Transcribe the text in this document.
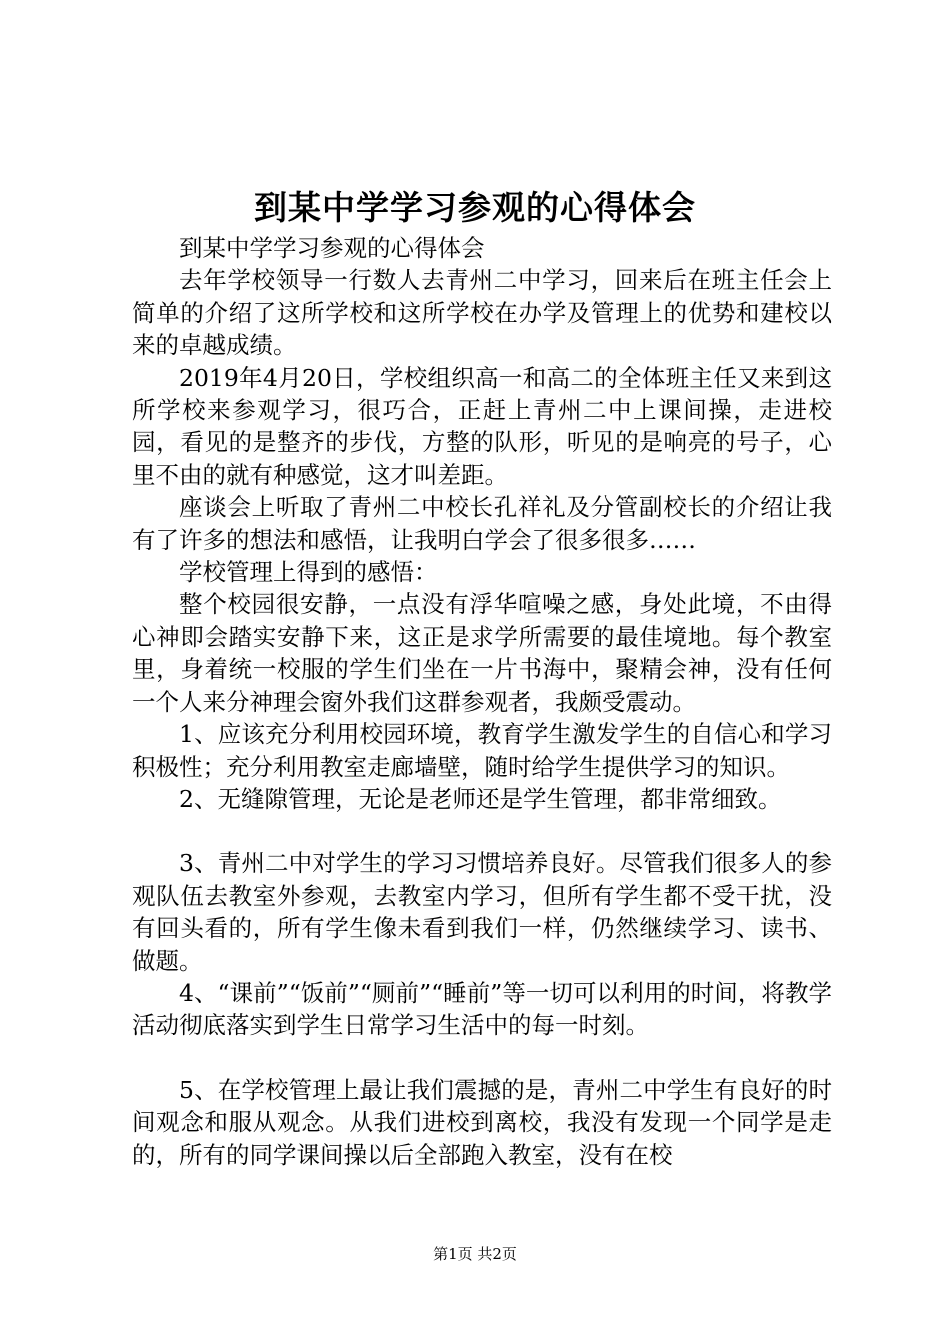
到某中学学习参观的心得体会

到某中学学习参观的心得体会

去年学校领导一行数人去青州二中学习，回来后在班主任会上简单的介绍了这所学校和这所学校在办学及管理上的优势和建校以来的卓越成绩。

2019年4月20日，学校组织高一和高二的全体班主任又来到这所学校来参观学习，很巧合，正赶上青州二中上课间操，走进校园，看见的是整齐的步伐，方整的队形，听见的是响亮的号子，心里不由的就有种感觉，这才叫差距。

座谈会上听取了青州二中校长孔祥礼及分管副校长的介绍让我有了许多的想法和感悟，让我明白学会了很多很多……

学校管理上得到的感悟：

整个校园很安静，一点没有浮华喧噪之感，身处此境，不由得心神即会踏实安静下来，这正是求学所需要的最佳境地。每个教室里，身着统一校服的学生们坐在一片书海中，聚精会神，没有任何一个人来分神理会窗外我们这群参观者，我颇受震动。

1、应该充分利用校园环境，教育学生激发学生的自信心和学习积极性；充分利用教室走廊墙壁，随时给学生提供学习的知识。

2、无缝隙管理，无论是老师还是学生管理，都非常细致。

3、青州二中对学生的学习习惯培养良好。尽管我们很多人的参观队伍去教室外参观，去教室内学习，但所有学生都不受干扰，没有回头看的，所有学生像未看到我们一样，仍然继续学习、读书、做题。

4、“课前”“饭前”“厕前”“睡前”等一切可以利用的时间，将教学活动彻底落实到学生日常学习生活中的每一时刻。

5、在学校管理上最让我们震撼的是，青州二中学生有良好的时间观念和服从观念。从我们进校到离校，我没有发现一个同学是走的，所有的同学课间操以后全部跑入教室，没有在校

第1页 共2页
